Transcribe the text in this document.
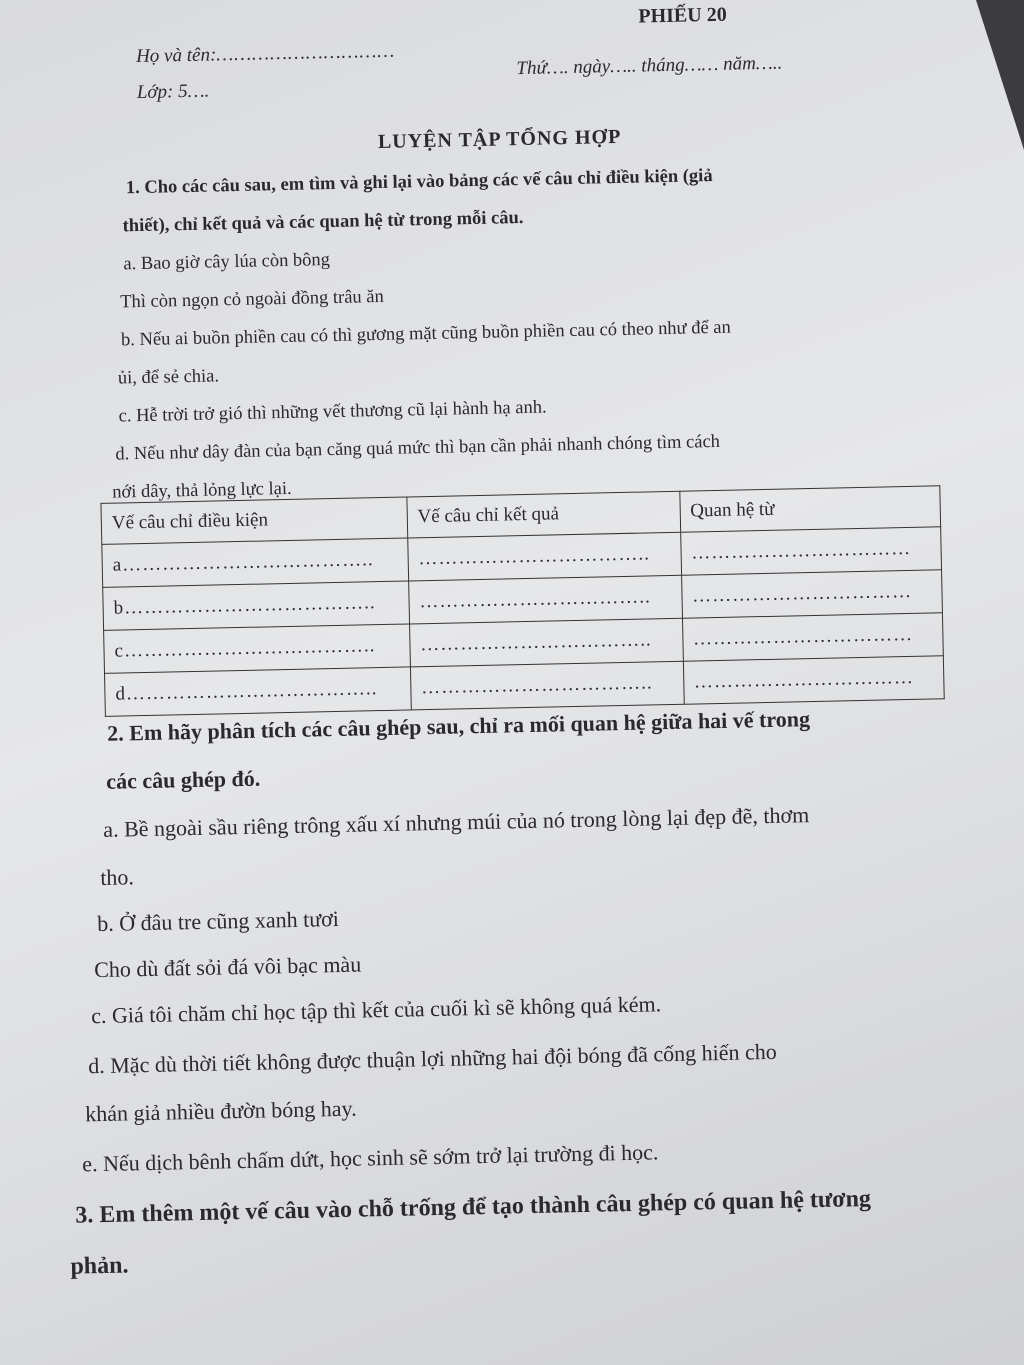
Họ và tên:…………………………
PHIẾU 20
Lớp: 5….
Thứ…. ngày….. tháng…… năm…..
LUYỆN TẬP TỔNG HỢP
1. Cho các câu sau, em tìm và ghi lại vào bảng các vế câu chỉ điều kiện (giả
thiết), chỉ kết quả và các quan hệ từ trong mỗi câu.
a. Bao giờ cây lúa còn bông
Thì còn ngọn cỏ ngoài đồng trâu ăn
b. Nếu ai buồn phiền cau có thì gương mặt cũng buồn phiền cau có theo như để an
ủi, để sẻ chia.
c. Hễ trời trở gió thì những vết thương cũ lại hành hạ anh.
d. Nếu như dây đàn của bạn căng quá mức thì bạn cần phải nhanh chóng tìm cách
nới dây, thả lỏng lực lại.
Vế câu chỉ điều kiện	Vế câu chỉ kết quả	Quan hệ từ
a………………………………..	……………………………..	……………………………
b………………………………..	……………………………..	……………………………
c………………………………..	……………………………..	……………………………
d………………………………..	……………………………..	……………………………
2. Em hãy phân tích các câu ghép sau, chỉ ra mối quan hệ giữa hai vế trong
các câu ghép đó.
a. Bề ngoài sầu riêng trông xấu xí nhưng múi của nó trong lòng lại đẹp đẽ, thơm
tho.
b. Ở đâu tre cũng xanh tươi
Cho dù đất sỏi đá vôi bạc màu
c. Giá tôi chăm chỉ học tập thì kết của cuối kì sẽ không quá kém.
d. Mặc dù thời tiết không được thuận lợi những hai đội bóng đã cống hiến cho
khán giả nhiều đườn bóng hay.
e. Nếu dịch bênh chấm dứt, học sinh sẽ sớm trở lại trường đi học.
3. Em thêm một vế câu vào chỗ trống để tạo thành câu ghép có quan hệ tương
phản.
